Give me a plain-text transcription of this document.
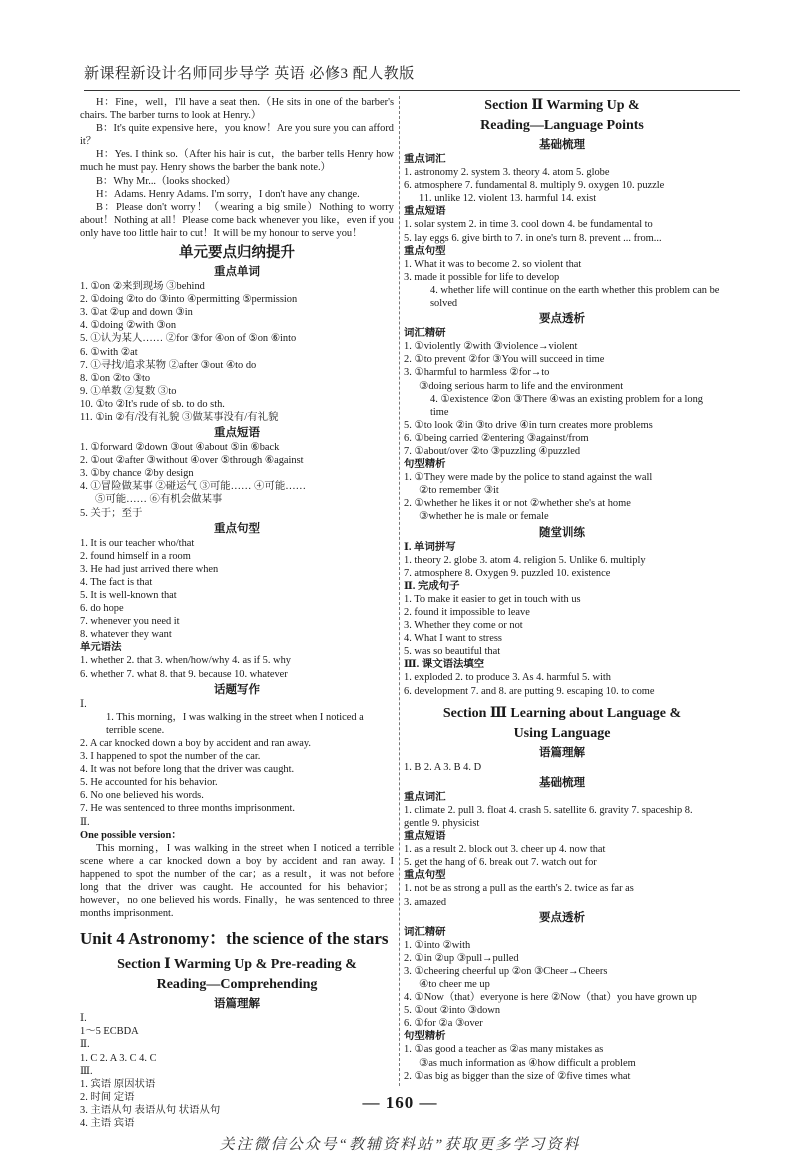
新课程新设计名师同步导学 英语 必修3 配人教版

H：Fine，well，I'll have a seat then.（He sits in one of the barber's chairs. The barber turns to look at Henry.）

B：It's quite expensive here，you know！Are you sure you can afford it？

H：Yes. I think so.（After his hair is cut，the barber tells Henry how much he must pay. Henry shows the barber the bank note.）

B：Why Mr...（looks shocked）

H：Adams. Henry Adams. I'm sorry，I don't have any change.

B：Please don't worry！（wearing a big smile）Nothing to worry about！Nothing at all！Please come back whenever you like，even if you only have too little hair to cut！It will be my honour to serve you！

单元要点归纳提升
重点单词

1. ①on ②来到现场 ③behind

2. ①doing ②to do ③into ④permitting ⑤permission

3. ①at ②up and down ③in

4. ①doing ②with ③on

5. ①认为某人…… ②for ③for ④on of ⑤on ⑥into

6. ①with ②at

7. ①寻找/追求某物 ②after ③out ④to do

8. ①on ②to ③to

9. ①单数 ②复数 ③to

10. ①to ②It's rude of sb. to do sth.

11. ①in ②有/没有礼貌 ③做某事没有/有礼貌

重点短语

1. ①forward ②down ③out ④about ⑤in ⑥back

2. ①out ②after ③without ④over ⑤through ⑥against

3. ①by chance ②by design

4. ①冒险做某事 ②碰运气 ③可能…… ④可能……

⑤可能…… ⑥有机会做某事

5. 关于；至于

重点句型

1. It is our teacher who/that

2. found himself in a room

3. He had just arrived there when

4. The fact is that

5. It is well-known that

6. do hope

7. whenever you need it

8. whatever they want

单元语法

1. whether 2. that 3. when/how/why 4. as if 5. why

6. whether 7. what 8. that 9. because 10. whatever

话题写作

Ⅰ.

1. This morning，I was walking in the street when I noticed a terrible scene.

2. A car knocked down a boy by accident and ran away.

3. I happened to spot the number of the car.

4. It was not before long that the driver was caught.

5. He accounted for his behavior.

6. No one believed his words.

7. He was sentenced to three months imprisonment.

Ⅱ.

One possible version：

This morning，I was walking in the street when I noticed a terrible scene where a car knocked down a boy by accident and ran away. I happened to spot the number of the car；as a result，it was not before long that the driver was caught. He accounted for his behavior；however，no one believed his words. Finally，he was sentenced to three months imprisonment.

Unit 4 Astronomy：the science of the stars
Section Ⅰ Warming Up & Pre-reading &
Reading—Comprehending
语篇理解

Ⅰ.

1～5 ECBDA

Ⅱ.

1. C 2. A 3. C 4. C

Ⅲ.

1. 宾语 原因状语

2. 时间 定语

3. 主语从句 表语从句 状语从句

4. 主语 宾语

Section Ⅱ Warming Up &
Reading—Language Points
基础梳理

重点词汇

1. astronomy 2. system 3. theory 4. atom 5. globe

6. atmosphere 7. fundamental 8. multiply 9. oxygen 10. puzzle

11. unlike 12. violent 13. harmful 14. exist

重点短语

1. solar system 2. in time 3. cool down 4. be fundamental to

5. lay eggs 6. give birth to 7. in one's turn 8. prevent ... from...

重点句型

1. What it was to become 2. so violent that

3. made it possible for life to develop

4. whether life will continue on the earth whether this problem can be solved

要点透析

词汇精研

1. ①violently ②with ③violence→violent

2. ①to prevent ②for ③You will succeed in time

3. ①harmful to harmless ②for→to

③doing serious harm to life and the environment

4. ①existence ②on ③There ④was an existing problem for a long time

5. ①to look ②in ③to drive ④in turn creates more problems

6. ①being carried ②entering ③against/from

7. ①about/over ②to ③puzzling ④puzzled

句型精析

1. ①They were made by the police to stand against the wall

②to remember ③it

2. ①whether he likes it or not ②whether she's at home

③whether he is male or female

随堂训练

Ⅰ. 单词拼写

1. theory 2. globe 3. atom 4. religion 5. Unlike 6. multiply

7. atmosphere 8. Oxygen 9. puzzled 10. existence

Ⅱ. 完成句子

1. To make it easier to get in touch with us

2. found it impossible to leave

3. Whether they come or not

4. What I want to stress

5. was so beautiful that

Ⅲ. 课文语法填空

1. exploded 2. to produce 3. As 4. harmful 5. with

6. development 7. and 8. are putting 9. escaping 10. to come

Section Ⅲ Learning about Language &
Using Language
语篇理解

1. B 2. A 3. B 4. D

基础梳理

重点词汇

1. climate 2. pull 3. float 4. crash 5. satellite 6. gravity 7. spaceship 8. gentle 9. physicist

重点短语

1. as a result 2. block out 3. cheer up 4. now that

5. get the hang of 6. break out 7. watch out for

重点句型

1. not be as strong a pull as the earth's 2. twice as far as

3. amazed

要点透析

词汇精研

1. ①into ②with

2. ①in ②up ③pull→pulled

3. ①cheering cheerful up ②on ③Cheer→Cheers

④to cheer me up

4. ①Now（that）everyone is here ②Now（that）you have grown up

5. ①out ②into ③down

6. ①for ②a ③over

句型精析

1. ①as good a teacher as ②as many mistakes as

③as much information as ④how difficult a problem

2. ①as big as bigger than the size of ②five times what

— 160 —
关注微信公众号“教辅资料站”获取更多学习资料
